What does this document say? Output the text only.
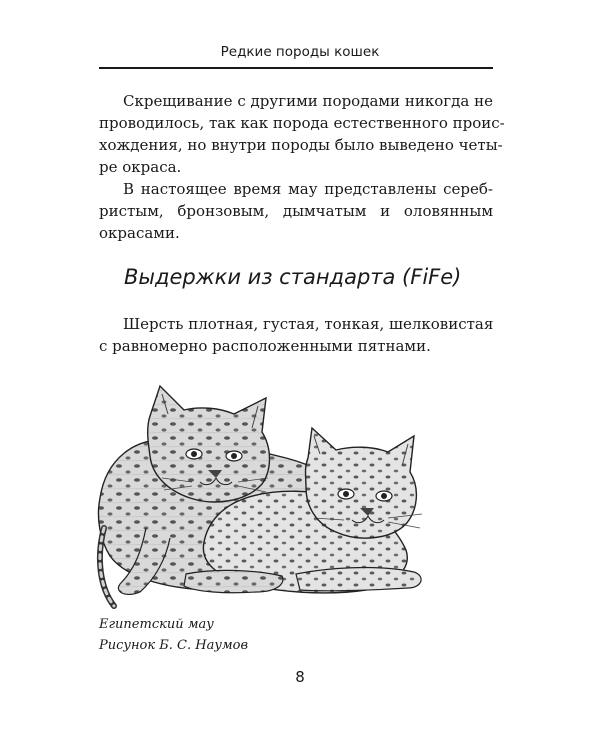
Редкие породы кошек
Скрещивание с другими породами никогда не
проводилось, так как порода естественного проис-
хождения, но внутри породы было выведено четы-
ре окраса.
В настоящее время мау представлены сереб-
ристым, бронзовым, дымчатым и оловянным
окрасами.
Выдержки из стандарта (FiFe)
Шерсть плотная, густая, тонкая, шелковистая
с равномерно расположенными пятнами.
Египетский мау
Рисунок Б. С. Наумов
8
